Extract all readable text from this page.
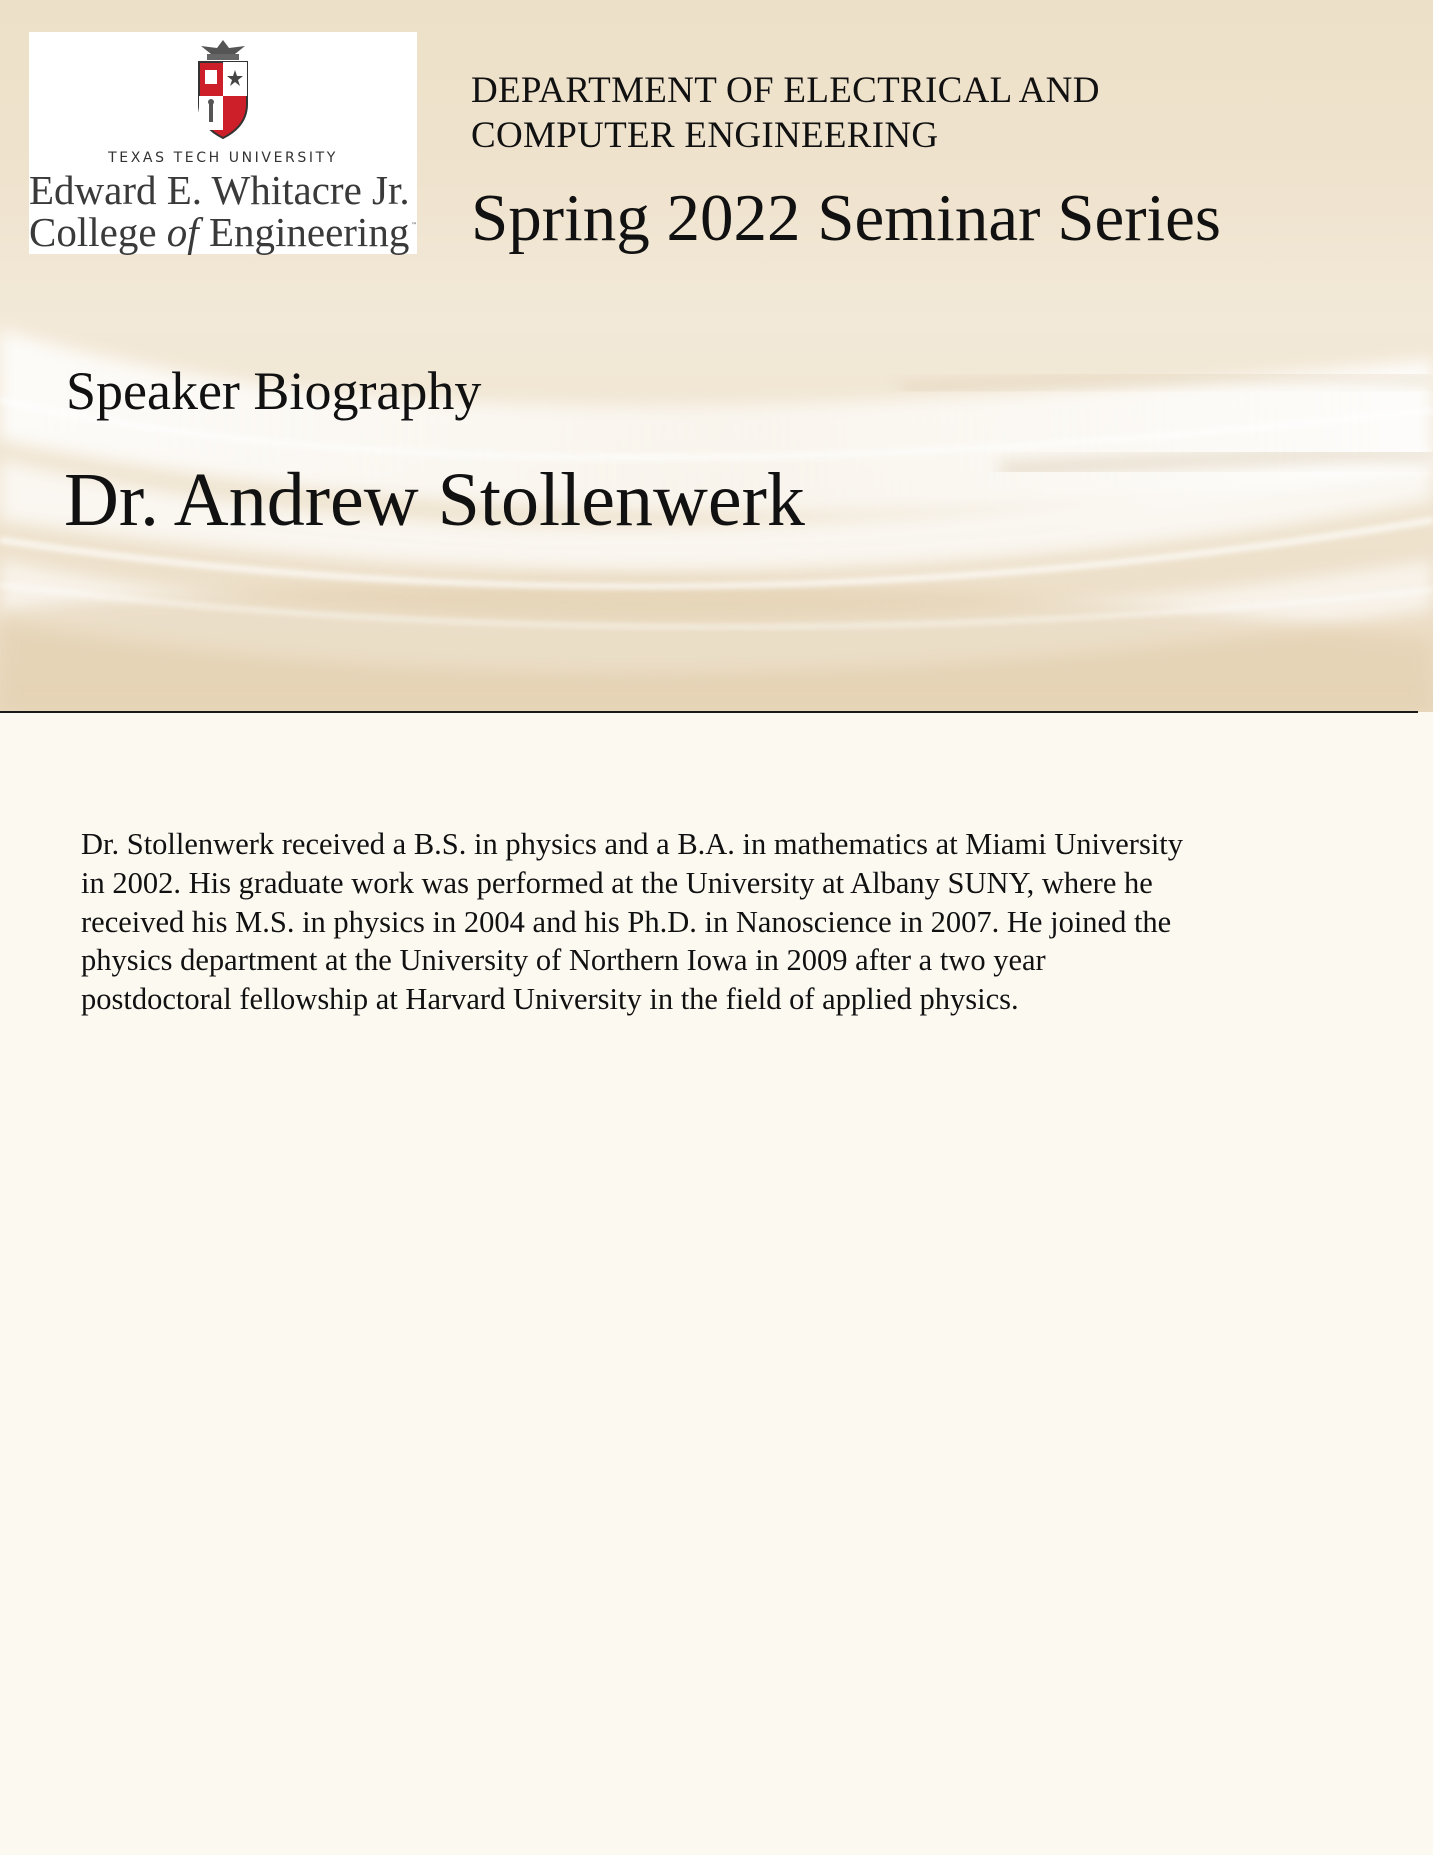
TEXAS TECH UNIVERSITY
Edward E. Whitacre Jr.
College of Engineering ™
DEPARTMENT OF ELECTRICAL AND
COMPUTER ENGINEERING
Spring 2022 Seminar Series
Speaker Biography
Dr. Andrew Stollenwerk
Dr. Stollenwerk received a B.S. in physics and a B.A. in mathematics at Miami University
in 2002. His graduate work was performed at the University at Albany SUNY, where he
received his M.S. in physics in 2004 and his Ph.D. in Nanoscience in 2007. He joined the
physics department at the University of Northern Iowa in 2009 after a two year
postdoctoral fellowship at Harvard University in the field of applied physics.
